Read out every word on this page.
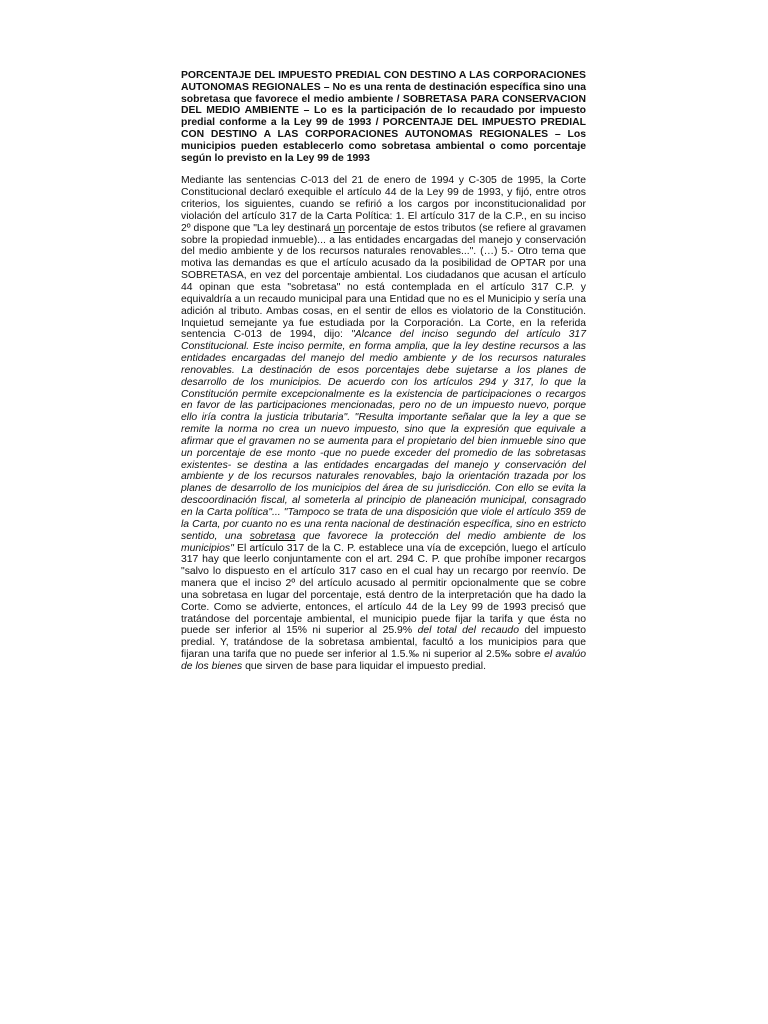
PORCENTAJE DEL IMPUESTO PREDIAL CON DESTINO A LAS CORPORACIONES AUTONOMAS REGIONALES – No es una renta de destinación específica sino una sobretasa que favorece el medio ambiente / SOBRETASA PARA CONSERVACION DEL MEDIO AMBIENTE – Lo es la participación de lo recaudado por impuesto predial conforme a la Ley 99 de 1993 / PORCENTAJE DEL IMPUESTO PREDIAL CON DESTINO A LAS CORPORACIONES AUTONOMAS REGIONALES – Los municipios pueden establecerlo como sobretasa ambiental o como porcentaje según lo previsto en la Ley 99 de 1993

Mediante las sentencias C-013 del 21 de enero de 1994 y C-305 de 1995, la Corte Constitucional declaró exequible el artículo 44 de la Ley 99 de 1993, y fijó, entre otros criterios, los siguientes, cuando se refirió a los cargos por inconstitucionalidad por violación del artículo 317 de la Carta Política: 1. El artículo 317 de la C.P., en su inciso 2º dispone que "La ley destinará un porcentaje de estos tributos (se refiere al gravamen sobre la propiedad inmueble)... a las entidades encargadas del manejo y conservación del medio ambiente y de los recursos naturales renovables...". (…) 5.- Otro tema que motiva las demandas es que el artículo acusado da la posibilidad de OPTAR por una SOBRETASA, en vez del porcentaje ambiental. Los ciudadanos que acusan el artículo 44 opinan que esta "sobretasa" no está contemplada en el artículo 317 C.P. y equivaldría a un recaudo municipal para una Entidad que no es el Municipio y sería una adición al tributo. Ambas cosas, en el sentir de ellos es violatorio de la Constitución. Inquietud semejante ya fue estudiada por la Corporación. La Corte, en la referida sentencia C-013 de 1994, dijo: "Alcance del inciso segundo del artículo 317 Constitucional. Este inciso permite, en forma amplia, que la ley destine recursos a las entidades encargadas del manejo del medio ambiente y de los recursos naturales renovables. La destinación de esos porcentajes debe sujetarse a los planes de desarrollo de los municipios. De acuerdo con los artículos 294 y 317, lo que la Constitución permite excepcionalmente es la existencia de participaciones o recargos en favor de las participaciones mencionadas, pero no de un impuesto nuevo, porque ello iría contra la justicia tributaria". "Resulta importante señalar que la ley a que se remite la norma no crea un nuevo impuesto, sino que la expresión que equivale a afirmar que el gravamen no se aumenta para el propietario del bien inmueble sino que un porcentaje de ese monto -que no puede exceder del promedio de las sobretasas existentes- se destina a las entidades encargadas del manejo y conservación del ambiente y de los recursos naturales renovables, bajo la orientación trazada por los planes de desarrollo de los municipios del área de su jurisdicción. Con ello se evita la descoordinación fiscal, al someterla al principio de planeación municipal, consagrado en la Carta política"... "Tampoco se trata de una disposición que viole el artículo 359 de la Carta, por cuanto no es una renta nacional de destinación específica, sino en estricto sentido, una sobretasa que favorece la protección del medio ambiente de los municipios" El artículo 317 de la C. P. establece una vía de excepción, luego el artículo 317 hay que leerlo conjuntamente con el art. 294 C. P. que prohíbe imponer recargos "salvo lo dispuesto en el artículo 317 caso en el cual hay un recargo por reenvío. De manera que el inciso 2º del artículo acusado al permitir opcionalmente que se cobre una sobretasa en lugar del porcentaje, está dentro de la interpretación que ha dado la Corte. Como se advierte, entonces, el artículo 44 de la Ley 99 de 1993 precisó que tratándose del porcentaje ambiental, el municipio puede fijar la tarifa y que ésta no puede ser inferior al 15% ni superior al 25.9% del total del recaudo del impuesto predial. Y, tratándose de la sobretasa ambiental, facultó a los municipios para que fijaran una tarifa que no puede ser inferior al 1.5.‰ ni superior al 2.5‰ sobre el avalúo de los bienes que sirven de base para liquidar el impuesto predial.
